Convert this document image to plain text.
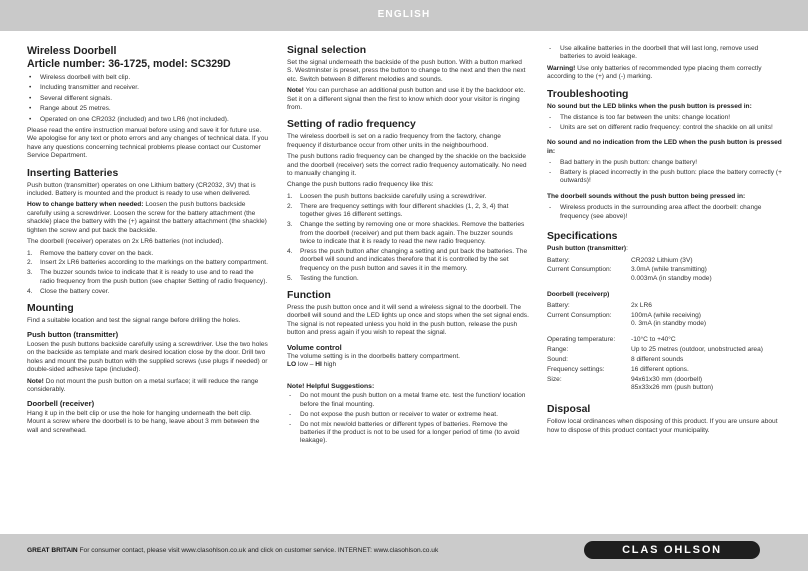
ENGLISH
Wireless Doorbell
Article number: 36-1725, model: SC329D
• Wireless doorbell with belt clip.
• Including transmitter and receiver.
• Several different signals.
• Range about 25 metres.
• Operated on one CR2032 (included) and two LR6 (not included).

Please read the entire instruction manual before using and save it for future use. We apologise for any text or photo errors and any changes of technical data. If you have any questions concerning technical problems please contact our Customer Service Department.

Inserting Batteries

Push button (transmitter) operates on one Lithium battery (CR2032, 3V) that is included. Battery is mounted and the product is ready to use when delivered.

How to change battery when needed: Loosen the push buttons backside carefully using a screwdriver. Loosen the screw for the battery attachment (the shackle) place the battery with the (+) against the battery attachment (the shackle) tighten the screw and put back the backside.

The doorbell (receiver) operates on 2x LR6 batteries (not included).

1. Remove the battery cover on the back.
2. Insert 2x LR6 batteries according to the markings on the battery compartment.
3. The buzzer sounds twice to indicate that it is ready to use and to read the radio frequency from the push button (see chapter Setting of radio frequency).
4. Close the battery cover.
Mounting

Find a suitable location and test the signal range before drilling the holes.

Push button (transmitter)

Loosen the push buttons backside carefully using a screwdriver. Use the two holes on the backside as template and mark desired location close by the door. Drill two holes and mount the push button with the supplied screws (use plugs if needed) or double-sided adhesive tape (included).

Note! Do not mount the push button on a metal surface; it will reduce the range considerably.

Doorbell (receiver)

Hang it up in the belt clip or use the hole for hanging underneath the belt clip. Mount a screw where the doorbell is to be hang, leave about 3 mm between the wall and screwhead.

Signal selection

Set the signal underneath the backside of the push button. With a button marked S. Westminster is preset, press the button to change to the next and then the next etc. Switch between 8 different melodies and sounds.

Note! You can purchase an additional push button and use it by the backdoor etc. Set it on a different signal then the first to know which door your visitor is ringing from.

Setting of radio frequency

The wireless doorbell is set on a radio frequency from the factory, change frequency if disturbance occur from other units in the neighbourhood.

The push buttons radio frequency can be changed by the shackle on the backside and the doorbell (receiver) sets the correct radio frequency automatically. No need to manually changing it.

Change the push buttons radio frequency like this:

1. Loosen the push buttons backside carefully using a screwdriver.
2. There are frequency settings with four different shackles (1, 2, 3, 4) that together gives 16 different settings.
3. Change the setting by removing one or more shackles. Remove the batteries from the doorbell (receiver) and put them back again. The buzzer sounds twice to indicate that it is ready to read the new radio frequency.
4. Press the push button after changing a setting and put back the batteries. The doorbell will sound and indicates therefore that it is controlled by the set frequency on the push button and saves it in the memory.
5. Testing the function.
Function

Press the push button once and it will send a wireless signal to the doorbell. The doorbell will sound and the LED lights up once and stops when the set signal ends. The signal is not repeated unless you hold in the push button, release the push button and press again if you wish to repeat the signal.

Volume control

The volume setting is in the doorbells battery compartment.
LO low – HI high

Note! Helpful Suggestions:
- Do not mount the push button on a metal frame etc. test the function/ location before the final mounting.
- Do not expose the push button or receiver to water or extreme heat.
- Do not mix new/old batteries or different types of batteries. Remove the batteries if the product is not to be used for a longer period of time (to avoid leakage).
- Use alkaline batteries in the doorbell that will last long, remove used batteries to avoid leakage.

Warning! Use only batteries of recommended type placing them correctly according to the (+) and (-) marking.

Troubleshooting

No sound but the LED blinks when the push button is pressed in:

- The distance is too far between the units: change location!
- Units are set on different radio frequency: control the shackle on all units!

No sound and no indication from the LED when the push button is pressed in:

- Bad battery in the push button: change battery!
- Battery is placed incorrectly in the push button: place the battery correctly (+ outwards)!

The doorbell sounds without the push button being pressed in:

- Wireless products in the surrounding area affect the doorbell: change frequency (see above)!
Specifications

Push button (transmitter):

Battery:	CR2032 Lithium (3V)

Current Consumption:	3.0mA (while transmitting)
0.003mA (in standby mode)

Doorbell (receiverp)

Battery:	2x LR6

Current Consumption:	100mA (while receiving)
0. 3mA (in standby mode)
Operating temperature:	-10°C to +40°C

Range:	Up to 25 metres (outdoor, unobstructed area)

Sound:	8 different sounds

Frequency settings:	16 different options.

Size:	94x61x30 mm (doorbell)
85x33x26 mm (push button)
Disposal

Follow local ordinances when disposing of this product. If you are unsure about how to dispose of this product contact your municipality.

GREAT BRITAIN For consumer contact, please visit www.clasohlson.co.uk and click on customer service. INTERNET: www.clasohlson.co.uk	CLAS OHLSON
